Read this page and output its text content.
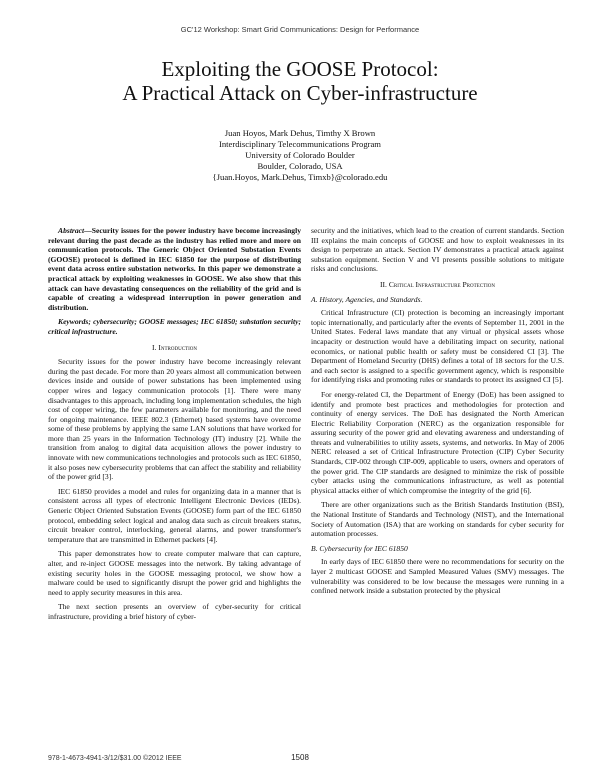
GC'12 Workshop: Smart Grid Communications: Design for Performance
Exploiting the GOOSE Protocol:
A Practical Attack on Cyber-infrastructure
Juan Hoyos, Mark Dehus, Timthy X Brown
Interdisciplinary Telecommunications Program
University of Colorado Boulder
Boulder, Colorado, USA
{Juan.Hoyos, Mark.Dehus, Timxb}@colorado.edu

Abstract—Security issues for the power industry have become increasingly relevant during the past decade as the industry has relied more and more on communication protocols. The Generic Object Oriented Substation Events (GOOSE) protocol is defined in IEC 61850 for the purpose of distributing event data across entire substation networks. In this paper we demonstrate a practical attack by exploiting weaknesses in GOOSE. We also show that this attack can have devastating consequences on the reliability of the grid and is capable of creating a widespread interruption in power generation and distribution.

Keywords; cybersecurity; GOOSE messages; IEC 61850; substation security; critical infrastructure.

I. Introduction

Security issues for the power industry have become increasingly relevant during the past decade. For more than 20 years almost all communication between devices inside and outside of power substations has been implemented using copper wires and legacy communication protocols [1]. There were many disadvantages to this approach, including long implementation schedules, the high cost of copper wiring, the few parameters available for monitoring, and the need for ongoing maintenance. IEEE 802.3 (Ethernet) based systems have overcome some of these problems by applying the same LAN solutions that have worked for more than 25 years in the Information Technology (IT) industry [2]. While the transition from analog to digital data acquisition allows the power industry to innovate with new communications technologies and protocols such as IEC 61850, it also poses new cybersecurity problems that can affect the stability and reliability of the power grid [3].

IEC 61850 provides a model and rules for organizing data in a manner that is consistent across all types of electronic Intelligent Electronic Devices (IEDs). Generic Object Oriented Substation Events (GOOSE) form part of the IEC 61850 protocol, embedding select logical and analog data such as circuit breakers status, circuit breaker control, interlocking, general alarms, and power transformer's temperature that are transmitted in Ethernet packets [4].

This paper demonstrates how to create computer malware that can capture, alter, and re-inject GOOSE messages into the network. By taking advantage of existing security holes in the GOOSE messaging protocol, we show how a malware could be used to significantly disrupt the power grid and highlights the need to apply security measures in this area.

The next section presents an overview of cyber-security for critical infrastructure, providing a brief history of cyber-

security and the initiatives, which lead to the creation of current standards. Section III explains the main concepts of GOOSE and how to exploit weaknesses in its design to perpetrate an attack. Section IV demonstrates a practical attack against substation equipment. Section V and VI presents possible solutions to mitigate risks and conclusions.

II. Critical Infrastructure Protection

A. History, Agencies, and Standards.

Critical Infrastructure (CI) protection is becoming an increasingly important topic internationally, and particularly after the events of September 11, 2001 in the United States. Federal laws mandate that any virtual or physical assets whose incapacity or destruction would have a debilitating impact on security, national economics, or national public health or safety must be considered CI [3]. The Department of Homeland Security (DHS) defines a total of 18 sectors for the U.S. and each sector is assigned to a specific government agency, which is responsible for identifying risks and promoting rules or standards to protect its assigned CI [5].

For energy-related CI, the Department of Energy (DoE) has been assigned to identify and promote best practices and methodologies for protection and continuity of energy services. The DoE has designated the North American Electric Reliability Corporation (NERC) as the organization responsible for assuring security of the power grid and elevating awareness and understanding of threats and vulnerabilities to utility assets, systems, and networks. In May of 2006 NERC released a set of Critical Infrastructure Protection (CIP) Cyber Security Standards, CIP-002 through CIP-009, applicable to users, owners and operators of the power grid. The CIP standards are designed to minimize the risk of possible cyber attacks using the communications infrastructure, as well as potential physical attacks either of which compromise the integrity of the grid [6].

There are other organizations such as the British Standards Institution (BSI), the National Institute of Standards and Technology (NIST), and the International Society of Automation (ISA) that are working on standards for cyber security for automation processes.

B. Cybersecurity for IEC 61850

In early days of IEC 61850 there were no recommendations for security on the layer 2 multicast GOOSE and Sampled Measured Values (SMV) messages. The vulnerability was considered to be low because the messages were running in a confined network inside a substation protected by the physical

978-1-4673-4941-3/12/$31.00 ©2012 IEEE	1508
